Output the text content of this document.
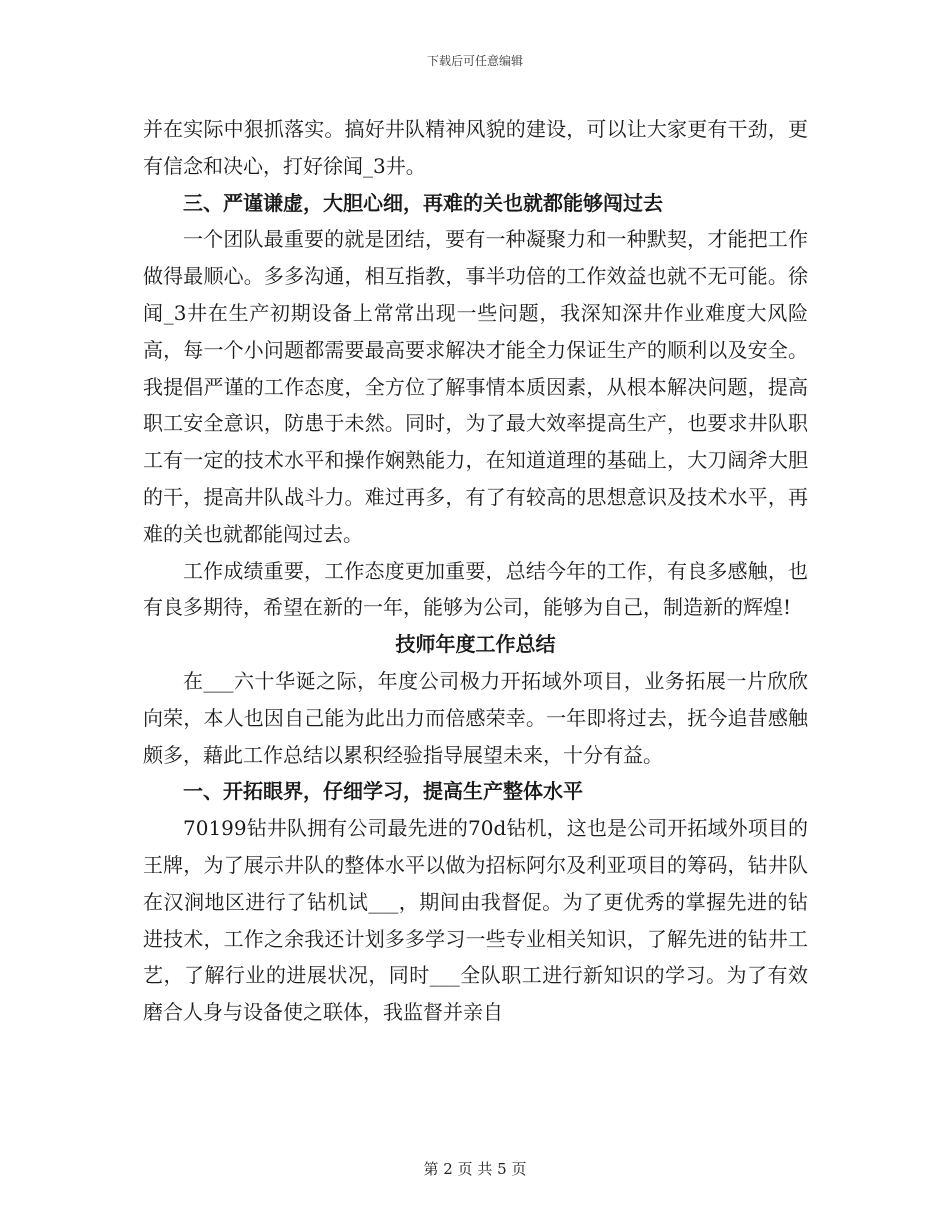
下载后可任意编辑

并在实际中狠抓落实。搞好井队精神风貌的建设，可以让大家更有干劲，更有信念和决心，打好徐闻_3井。

三、严谨谦虚，大胆心细，再难的关也就都能够闯过去

一个团队最重要的就是团结，要有一种凝聚力和一种默契，才能把工作做得最顺心。多多沟通，相互指教，事半功倍的工作效益也就不无可能。徐闻_3井在生产初期设备上常常出现一些问题，我深知深井作业难度大风险高，每一个小问题都需要最高要求解决才能全力保证生产的顺利以及安全。我提倡严谨的工作态度，全方位了解事情本质因素，从根本解决问题，提高职工安全意识，防患于未然。同时，为了最大效率提高生产，也要求井队职工有一定的技术水平和操作娴熟能力，在知道道理的基础上，大刀阔斧大胆的干，提高井队战斗力。难过再多，有了有较高的思想意识及技术水平，再难的关也就都能闯过去。

工作成绩重要，工作态度更加重要，总结今年的工作，有良多感触，也有良多期待，希望在新的一年，能够为公司，能够为自己，制造新的辉煌!

技师年度工作总结

在___六十华诞之际，年度公司极力开拓域外项目，业务拓展一片欣欣向荣，本人也因自己能为此出力而倍感荣幸。一年即将过去，抚今追昔感触颇多，藉此工作总结以累积经验指导展望未来，十分有益。

一、开拓眼界，仔细学习，提高生产整体水平

70199钻井队拥有公司最先进的70d钻机，这也是公司开拓域外项目的王牌，为了展示井队的整体水平以做为招标阿尔及利亚项目的筹码，钻井队在汉涧地区进行了钻机试___，期间由我督促。为了更优秀的掌握先进的钻进技术，工作之余我还计划多多学习一些专业相关知识，了解先进的钻井工艺，了解行业的进展状况，同时___全队职工进行新知识的学习。为了有效磨合人身与设备使之联体，我监督并亲自

第 2 页 共 5 页
